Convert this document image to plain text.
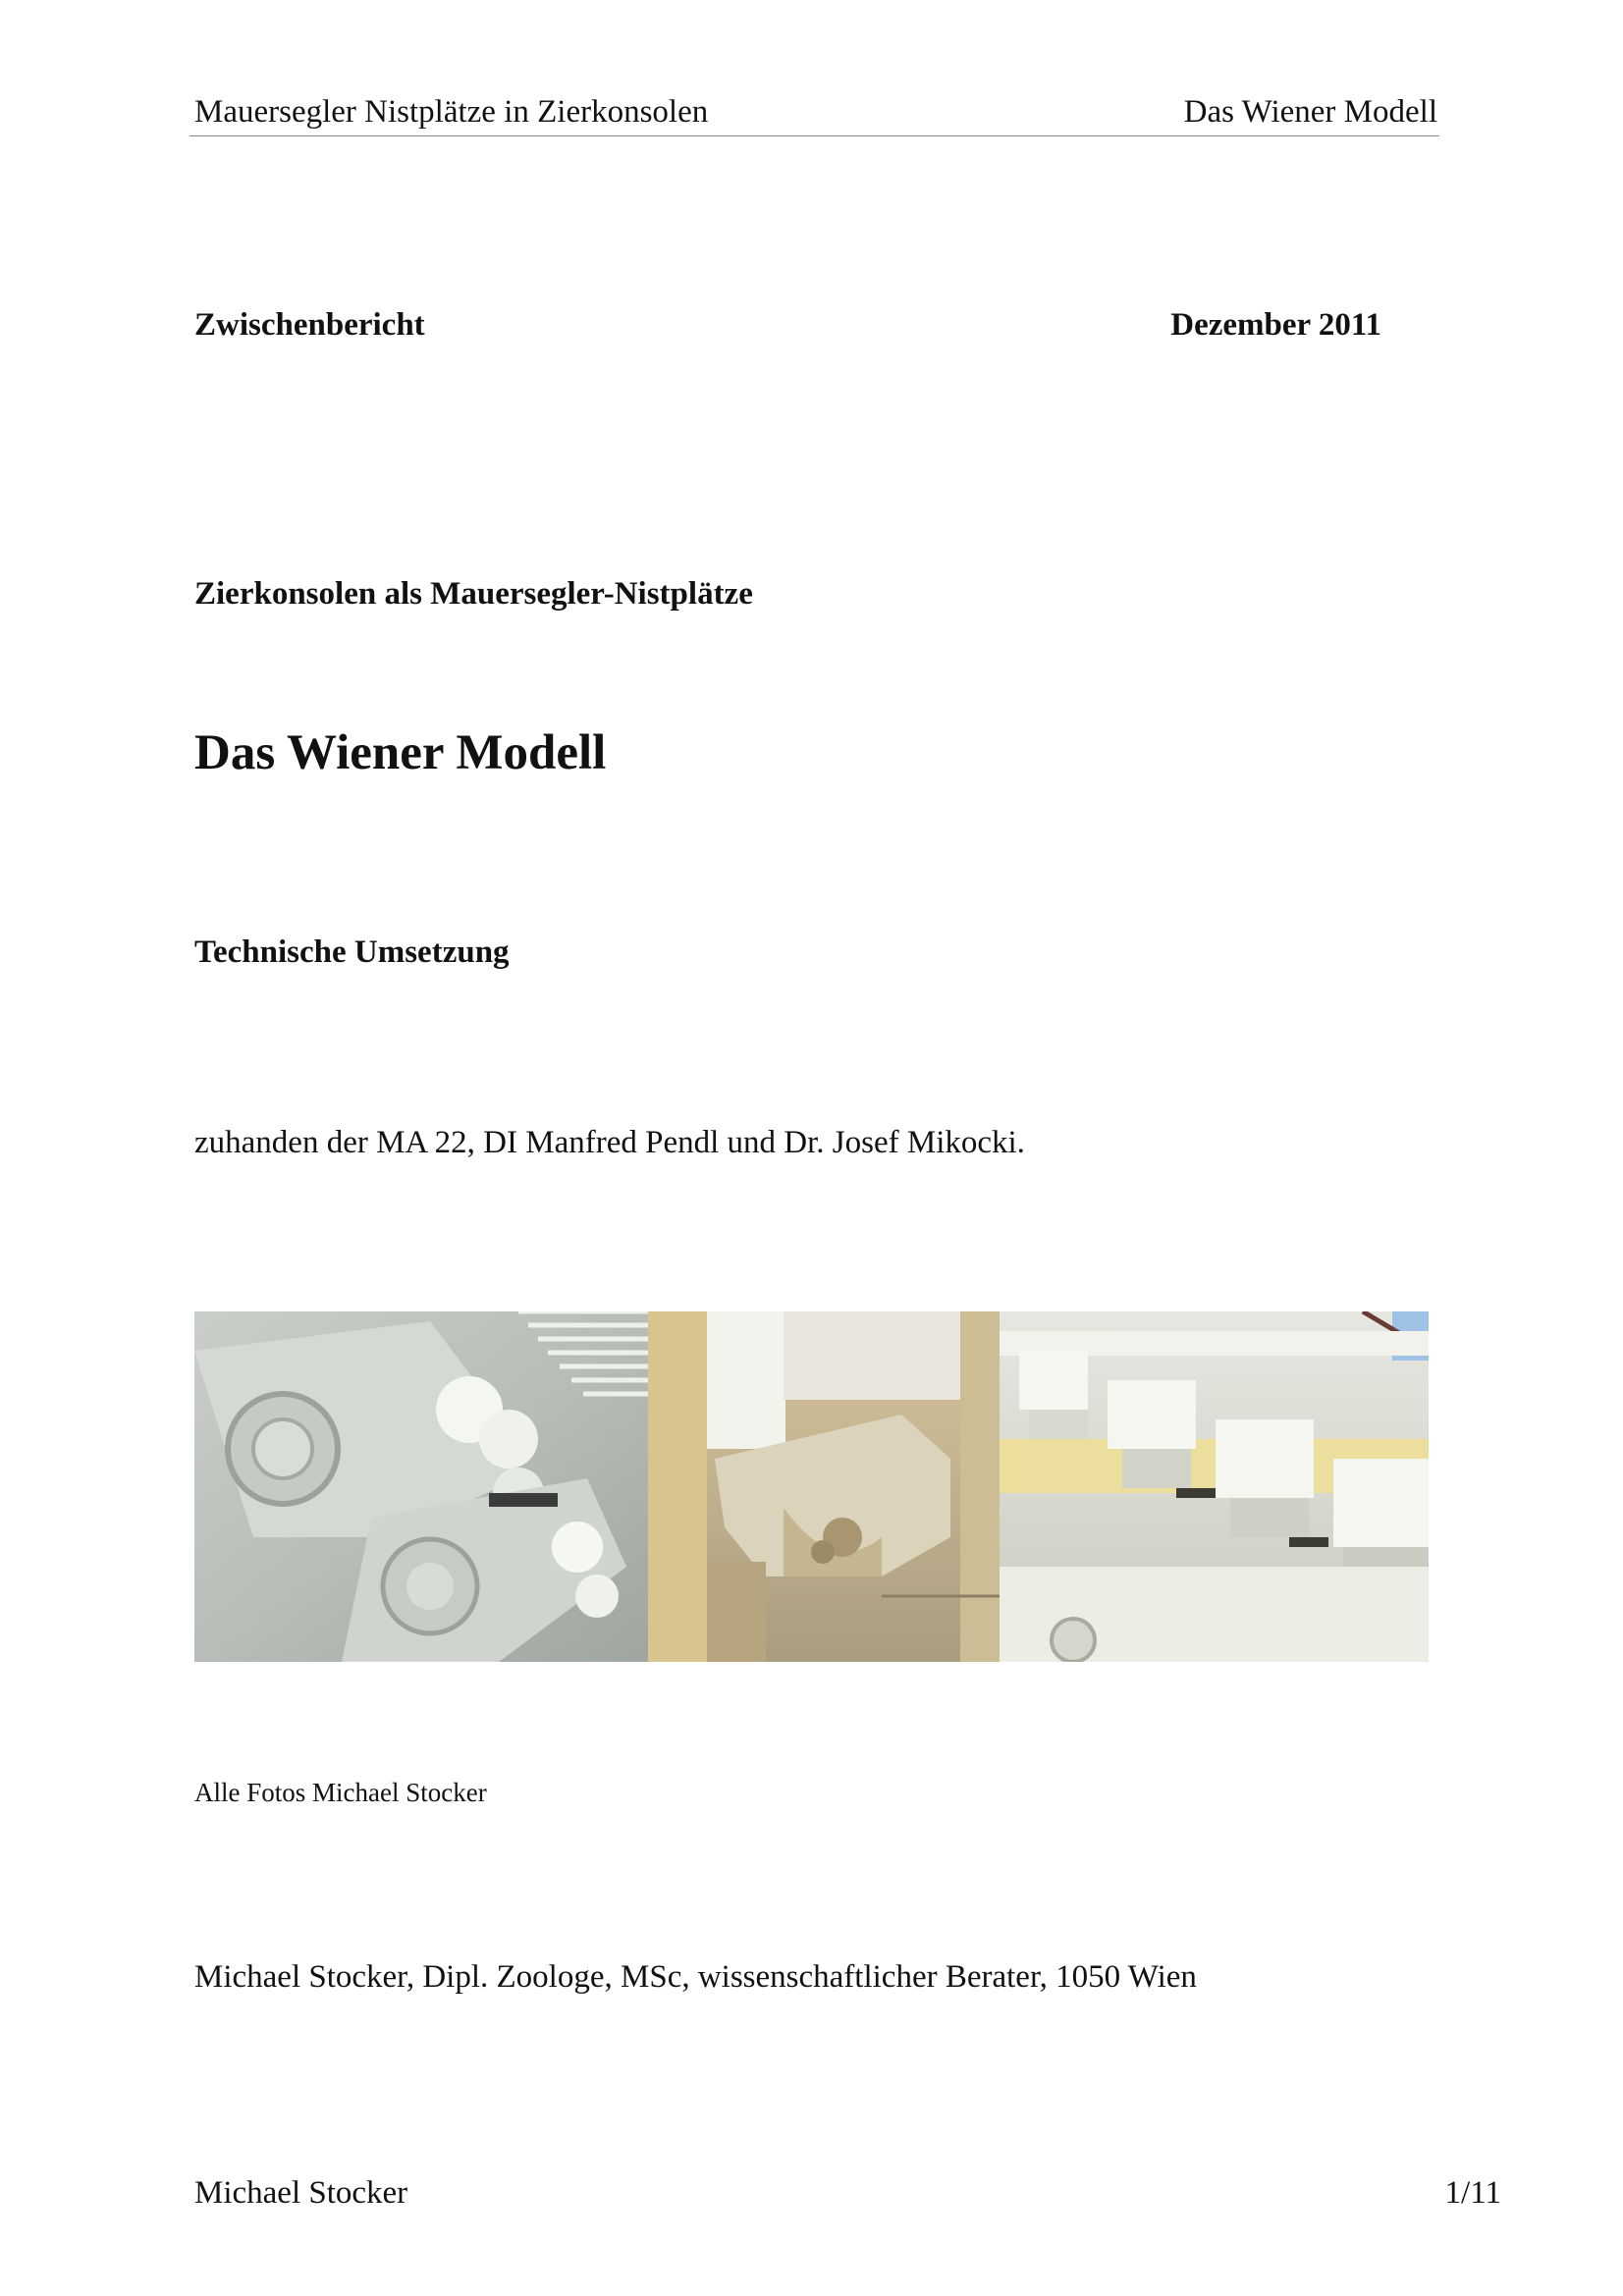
Mauersegler Nistplätze in Zierkonsolen	Das Wiener Modell
Zwischenbericht	Dezember 2011
Zierkonsolen als Mauersegler-Nistplätze
Das Wiener Modell
Technische Umsetzung
zuhanden der MA 22, DI Manfred Pendl und Dr. Josef Mikocki.
Alle Fotos Michael Stocker
Michael Stocker, Dipl. Zoologe, MSc, wissenschaftlicher Berater, 1050 Wien
Michael Stocker	1/11
